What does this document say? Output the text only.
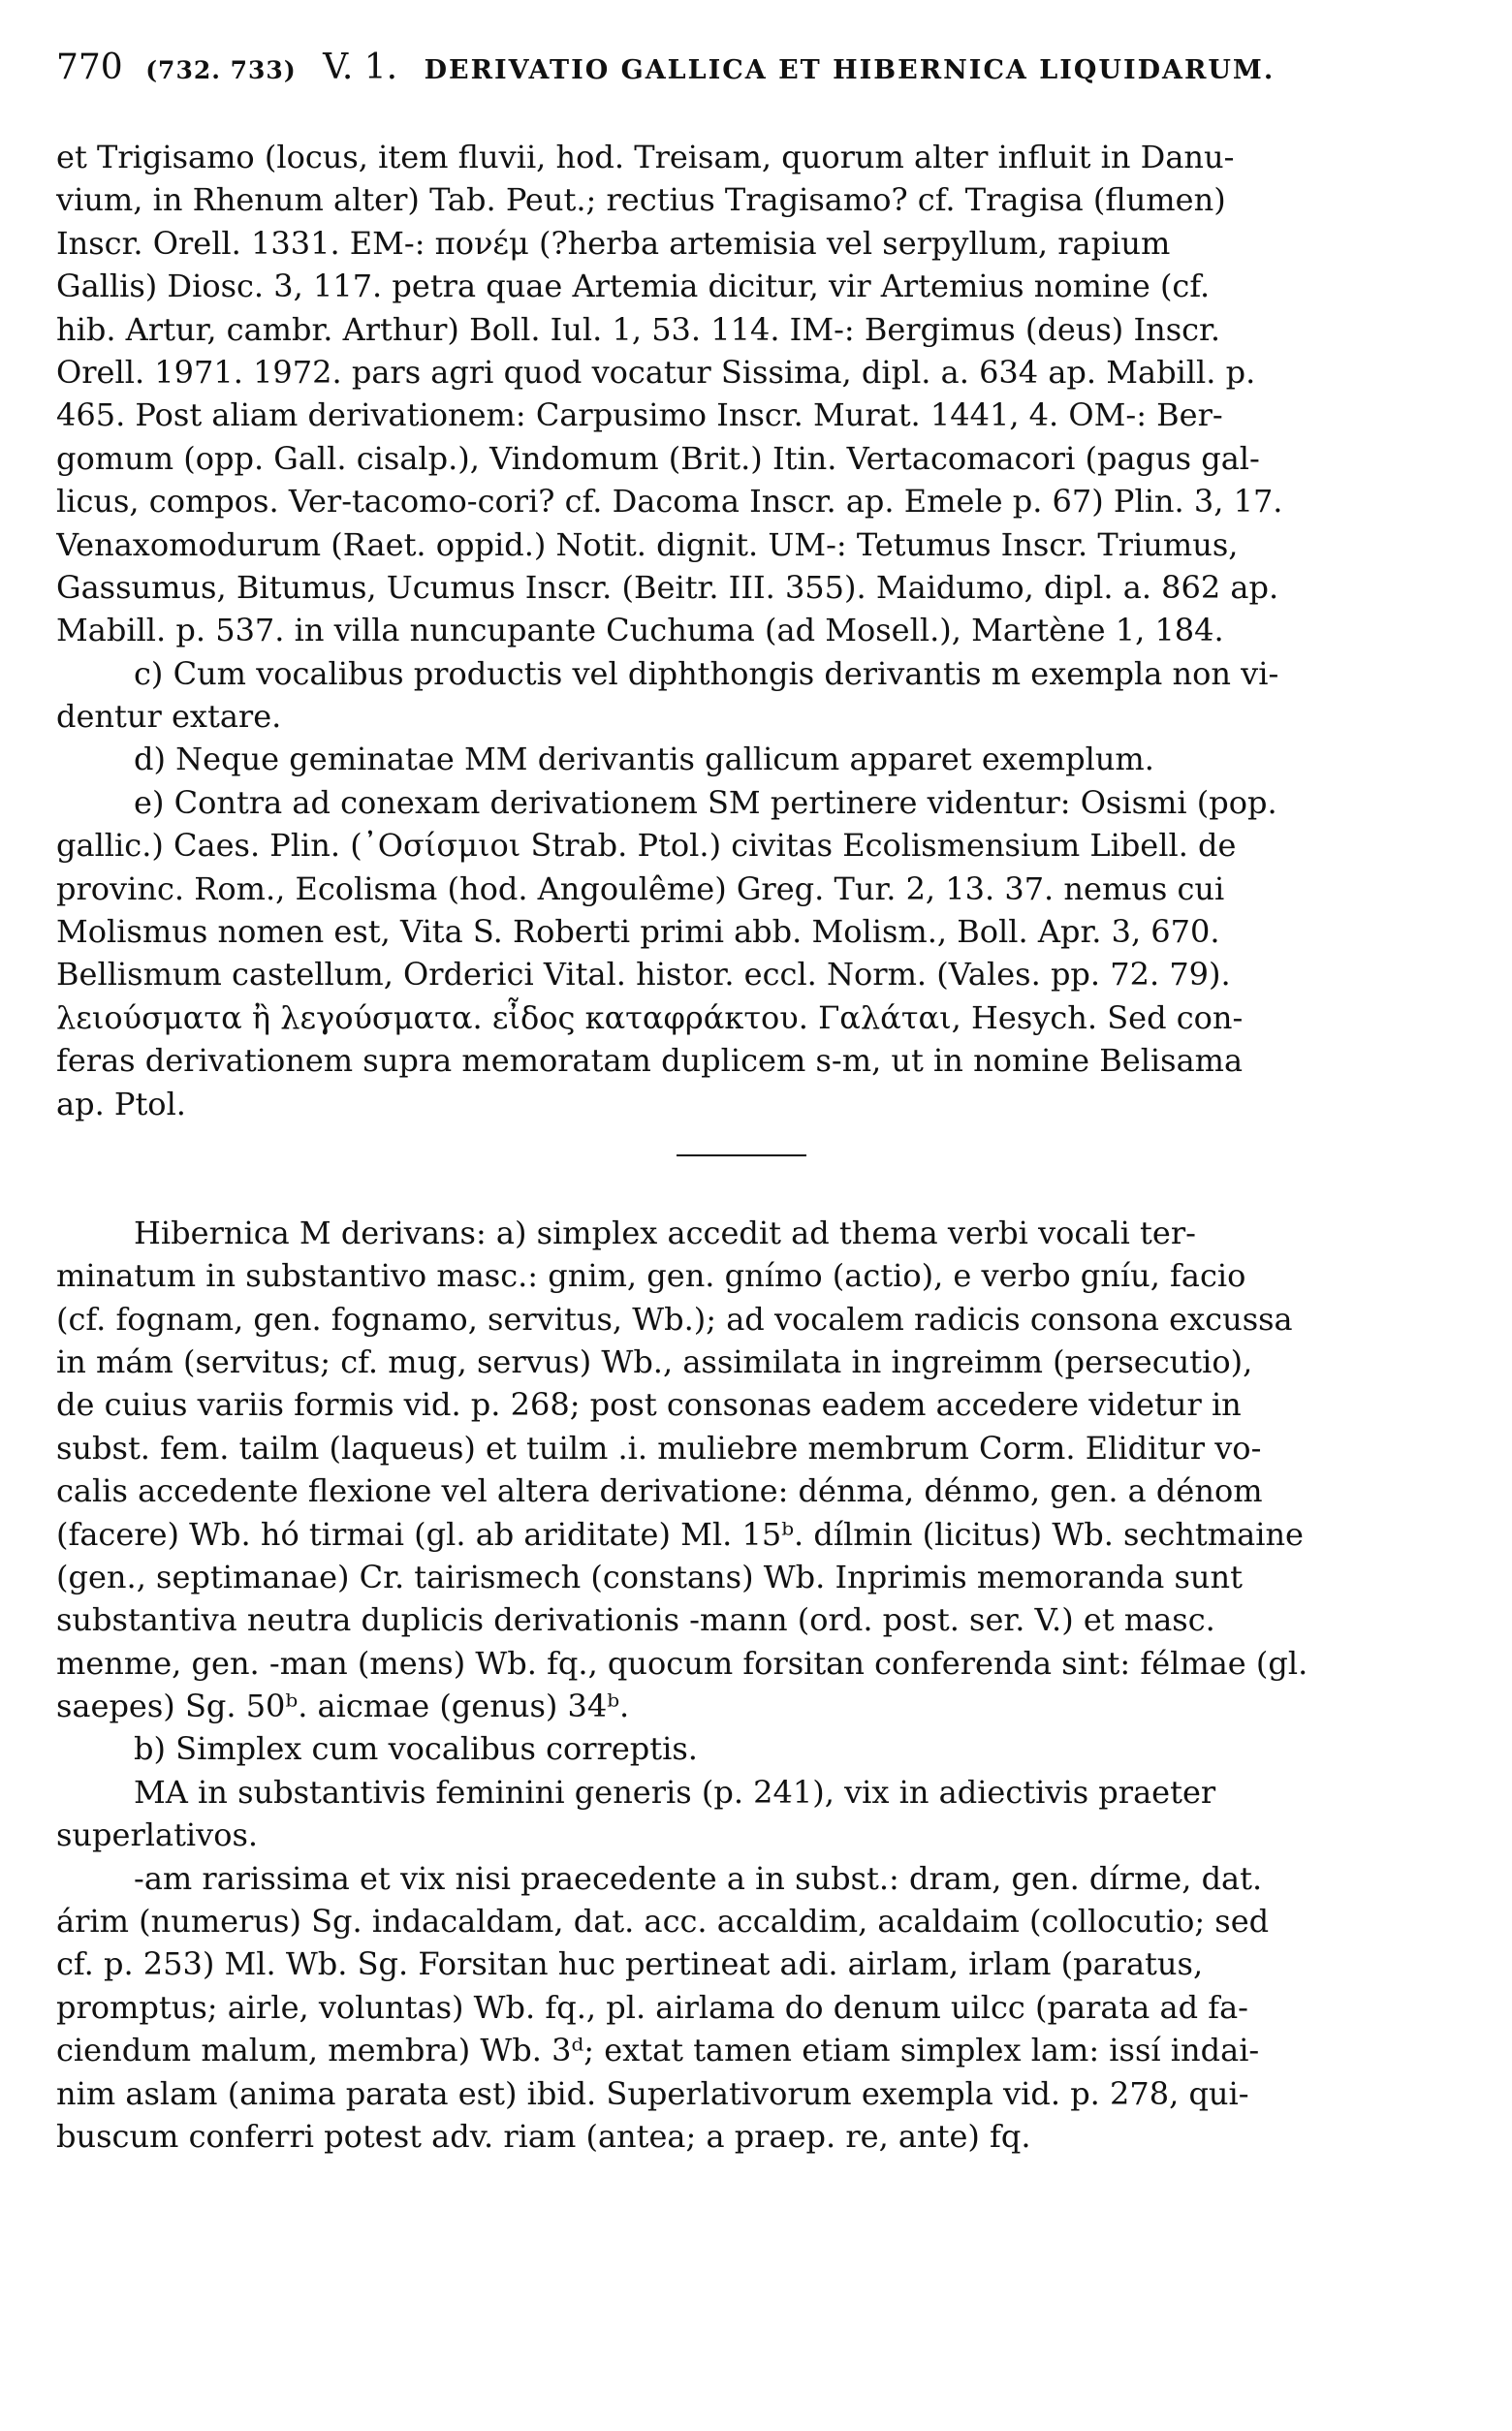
770 (732. 733) V. 1. DERIVATIO GALLICA ET HIBERNICA LIQUIDARUM.
et Trigisamo (locus, item fluvii, hod. Treisam, quorum alter influit in Danu-
vium, in Rhenum alter) Tab. Peut.; rectius Tragisamo? cf. Tragisa (flumen)
Inscr. Orell. 1331. EM-: πονέμ (?herba artemisia vel serpyllum, rapium
Gallis) Diosc. 3, 117. petra quae Artemia dicitur, vir Artemius nomine (cf.
hib. Artur, cambr. Arthur) Boll. Iul. 1, 53. 114. IM-: Bergimus (deus) Inscr.
Orell. 1971. 1972. pars agri quod vocatur Sissima, dipl. a. 634 ap. Mabill. p.
465. Post aliam derivationem: Carpusimo Inscr. Murat. 1441, 4. OM-: Ber-
gomum (opp. Gall. cisalp.), Vindomum (Brit.) Itin. Vertacomacori (pagus gal-
licus, compos. Ver-tacomo-cori? cf. Dacoma Inscr. ap. Emele p. 67) Plin. 3, 17.
Venaxomodurum (Raet. oppid.) Notit. dignit. UM-: Tetumus Inscr. Triumus,
Gassumus, Bitumus, Ucumus Inscr. (Beitr. III. 355). Maidumo, dipl. a. 862 ap.
Mabill. p. 537. in villa nuncupante Cuchuma (ad Mosell.), Martène 1, 184.
c) Cum vocalibus productis vel diphthongis derivantis m exempla non vi-
dentur extare.
d) Neque geminatae MM derivantis gallicum apparet exemplum.
e) Contra ad conexam derivationem SM pertinere videntur: Osismi (pop.
gallic.) Caes. Plin. (᾽Οσίσμιοι Strab. Ptol.) civitas Ecolismensium Libell. de
provinc. Rom., Ecolisma (hod. Angoulême) Greg. Tur. 2, 13. 37. nemus cui
Molismus nomen est, Vita S. Roberti primi abb. Molism., Boll. Apr. 3, 670.
Bellismum castellum, Orderici Vital. histor. eccl. Norm. (Vales. pp. 72. 79).
λειούσματα ἢ λεγούσματα. εἶδος καταφράκτου. Γαλάται, Hesych. Sed con-
feras derivationem supra memoratam duplicem s-m, ut in nomine Belisama
ap. Ptol.
Hibernica M derivans: a) simplex accedit ad thema verbi vocali ter-
minatum in substantivo masc.: gnim, gen. gnímo (actio), e verbo gníu, facio
(cf. fognam, gen. fognamo, servitus, Wb.); ad vocalem radicis consona excussa
in mám (servitus; cf. mug, servus) Wb., assimilata in ingreimm (persecutio),
de cuius variis formis vid. p. 268; post consonas eadem accedere videtur in
subst. fem. tailm (laqueus) et tuilm .i. muliebre membrum Corm. Eliditur vo-
calis accedente flexione vel altera derivatione: dénma, dénmo, gen. a dénom
(facere) Wb. hó tirmai (gl. ab ariditate) Ml. 15ᵇ. dílmin (licitus) Wb. sechtmaine
(gen., septimanae) Cr. tairismech (constans) Wb. Inprimis memoranda sunt
substantiva neutra duplicis derivationis -mann (ord. post. ser. V.) et masc.
menme, gen. -man (mens) Wb. fq., quocum forsitan conferenda sint: félmae (gl.
saepes) Sg. 50ᵇ. aicmae (genus) 34ᵇ.
b) Simplex cum vocalibus correptis.
MA in substantivis feminini generis (p. 241), vix in adiectivis praeter
superlativos.
-am rarissima et vix nisi praecedente a in subst.: dram, gen. dírme, dat.
árim (numerus) Sg. indacaldam, dat. acc. accaldim, acaldaim (collocutio; sed
cf. p. 253) Ml. Wb. Sg. Forsitan huc pertineat adi. airlam, irlam (paratus,
promptus; airle, voluntas) Wb. fq., pl. airlama do denum uilcc (parata ad fa-
ciendum malum, membra) Wb. 3ᵈ; extat tamen etiam simplex lam: issí indai-
nim aslam (anima parata est) ibid. Superlativorum exempla vid. p. 278, qui-
buscum conferri potest adv. riam (antea; a praep. re, ante) fq.
